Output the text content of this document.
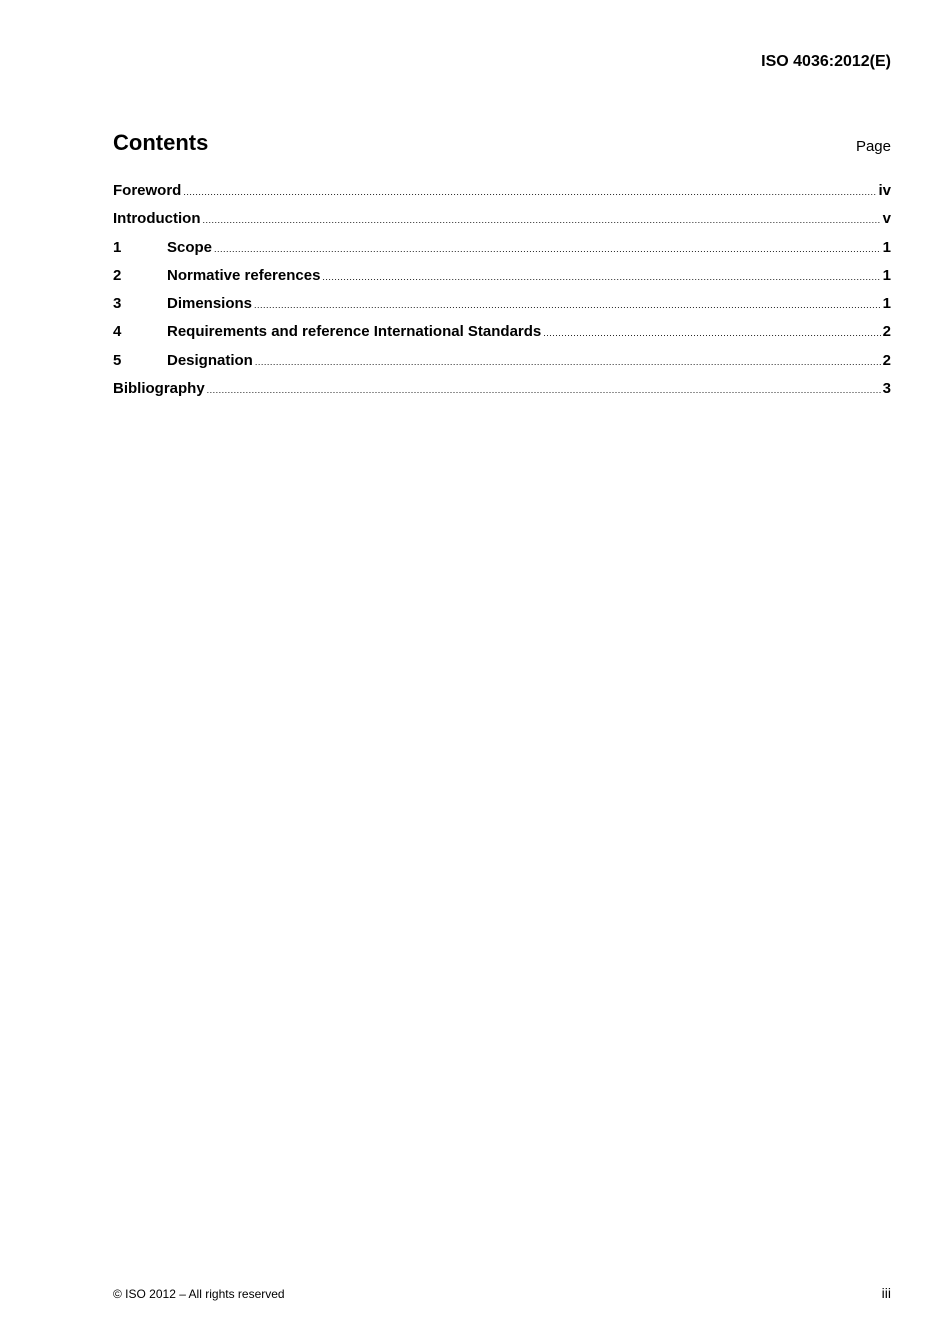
ISO 4036:2012(E)
Contents	Page
Foreword .....	iv
Introduction .....	v
1	Scope .....	1
2	Normative references .....	1
3	Dimensions .....	1
4	Requirements and reference International Standards .....	2
5	Designation .....	2
Bibliography .....	3
© ISO 2012 – All rights reserved	iii
